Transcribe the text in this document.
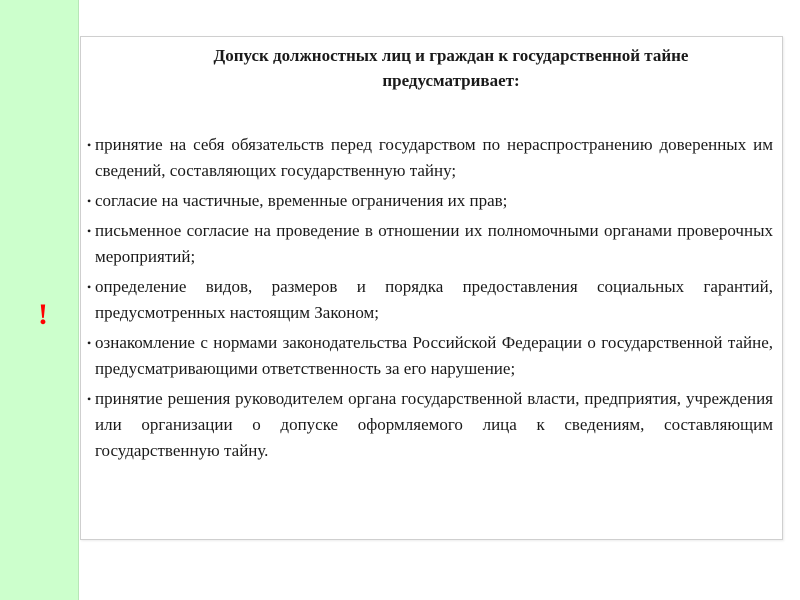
!
Допуск должностных лиц и граждан к государственной тайне
предусматривает:
• принятие на себя обязательств перед государством по нераспространению доверенных им сведений, составляющих государственную тайну;
• согласие на частичные, временные ограничения их прав;
• письменное согласие на проведение в отношении их полномочными органами проверочных мероприятий;
• определение видов, размеров и порядка предоставления социальных гарантий, предусмотренных настоящим Законом;
• ознакомление с нормами законодательства Российской Федерации о государственной тайне, предусматривающими ответственность за его нарушение;
• принятие решения руководителем органа государственной власти, предприятия, учреждения или организации о допуске оформляемого лица к сведениям, составляющим государственную тайну.
